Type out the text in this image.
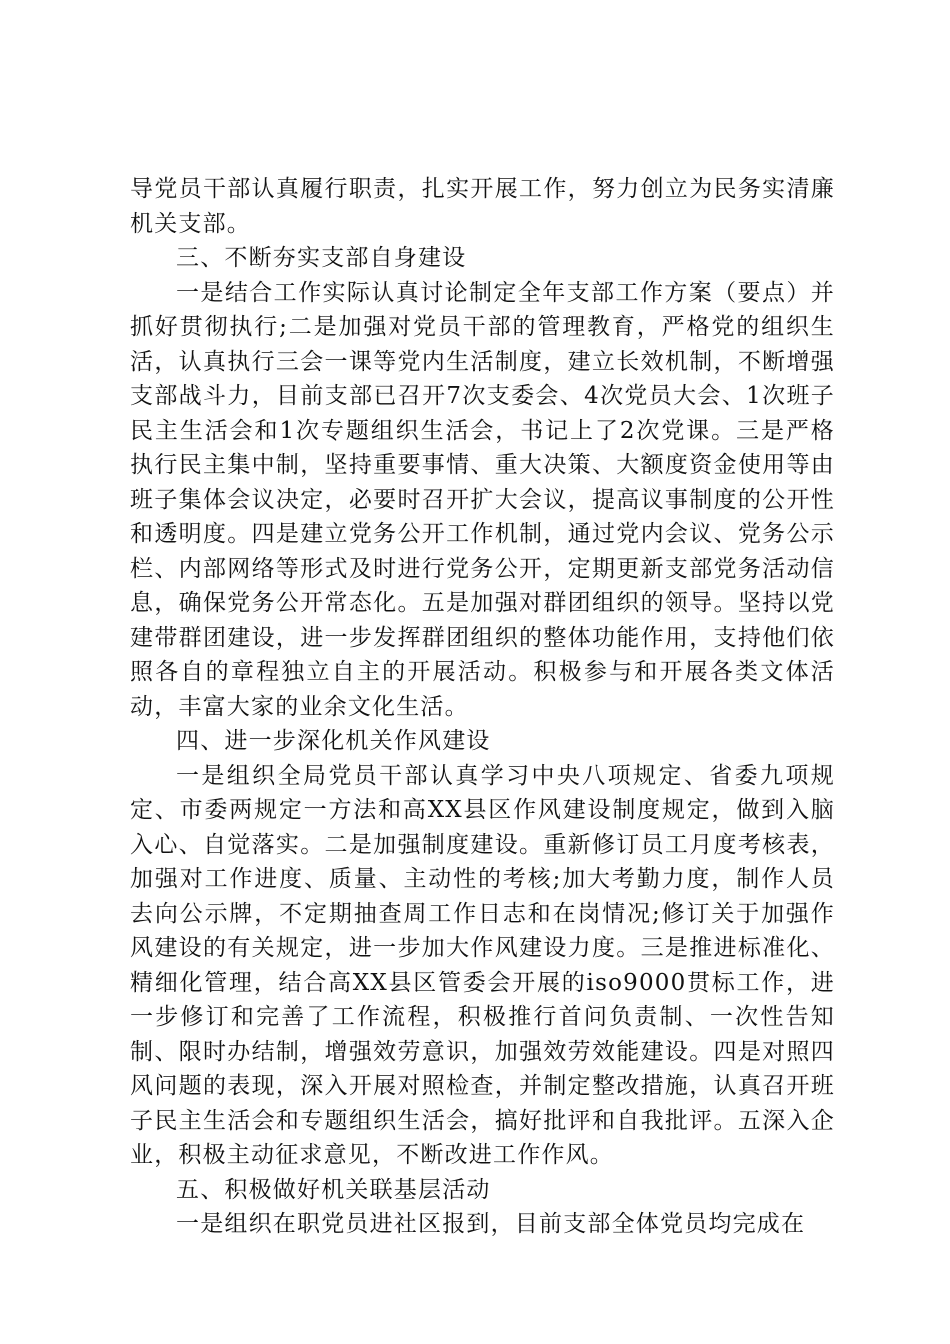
导党员干部认真履行职责，扎实开展工作，努力创立为民务实清廉机关支部。

三、不断夯实支部自身建设

一是结合工作实际认真讨论制定全年支部工作方案（要点）并抓好贯彻执行;二是加强对党员干部的管理教育，严格党的组织生活，认真执行三会一课等党内生活制度，建立长效机制，不断增强支部战斗力，目前支部已召开7次支委会、4次党员大会、1次班子民主生活会和1次专题组织生活会，书记上了2次党课。三是严格执行民主集中制，坚持重要事情、重大决策、大额度资金使用等由班子集体会议决定，必要时召开扩大会议，提高议事制度的公开性和透明度。四是建立党务公开工作机制，通过党内会议、党务公示栏、内部网络等形式及时进行党务公开，定期更新支部党务活动信息，确保党务公开常态化。五是加强对群团组织的领导。坚持以党建带群团建设，进一步发挥群团组织的整体功能作用，支持他们依照各自的章程独立自主的开展活动。积极参与和开展各类文体活动，丰富大家的业余文化生活。

四、进一步深化机关作风建设

一是组织全局党员干部认真学习中央八项规定、省委九项规定、市委两规定一方法和高XX县区作风建设制度规定，做到入脑入心、自觉落实。二是加强制度建设。重新修订员工月度考核表，加强对工作进度、质量、主动性的考核;加大考勤力度，制作人员去向公示牌，不定期抽查周工作日志和在岗情况;修订关于加强作风建设的有关规定，进一步加大作风建设力度。三是推进标准化、精细化管理，结合高XX县区管委会开展的iso9000贯标工作，进一步修订和完善了工作流程，积极推行首问负责制、一次性告知制、限时办结制，增强效劳意识，加强效劳效能建设。四是对照四风问题的表现，深入开展对照检查，并制定整改措施，认真召开班子民主生活会和专题组织生活会，搞好批评和自我批评。五深入企业，积极主动征求意见，不断改进工作作风。

五、积极做好机关联基层活动

一是组织在职党员进社区报到，目前支部全体党员均完成在
